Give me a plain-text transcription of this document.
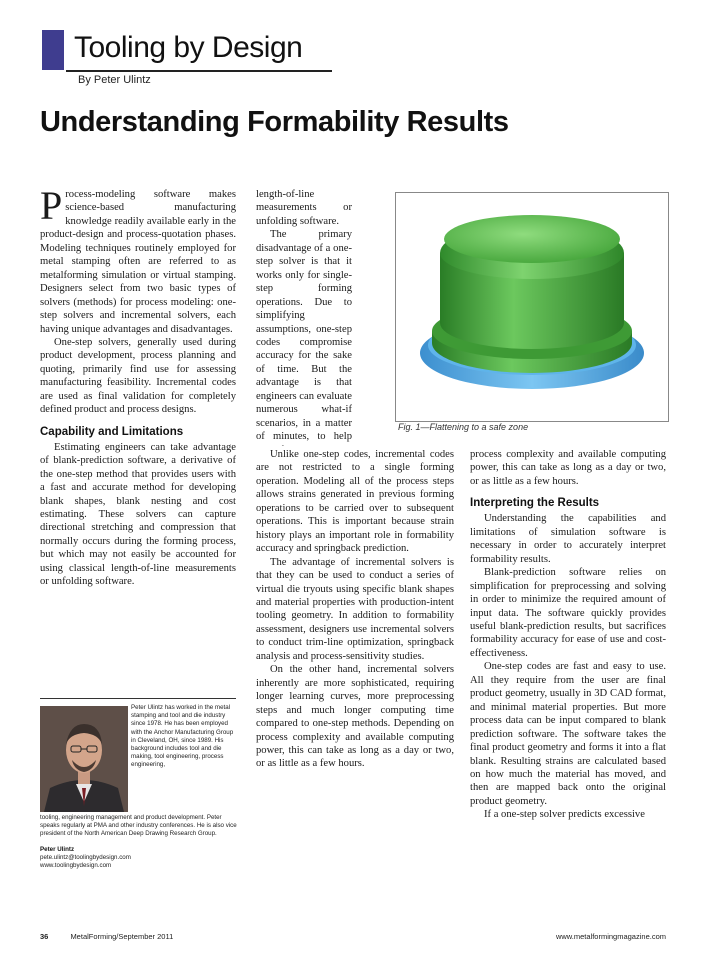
Tooling by Design
By Peter Ulintz
Understanding Formability Results

Process-modeling software makes science-based manufacturing knowledge readily available early in the product-design and process-quotation phases. Modeling techniques routinely employed for metal stamping often are referred to as metalforming simulation or virtual stamping. Designers select from two basic types of solvers (methods) for process modeling: one-step solvers and incremental solvers, each having unique advantages and disadvantages.

One-step solvers, generally used during product development, process planning and quoting, primarily find use for assessing manufacturing feasibility. Incremental codes are used as final validation for completely defined product and process designs.

Capability and Limitations

Estimating engineers can take advantage of blank-prediction software, a derivative of the one-step method that provides users with a fast and accurate method for developing blank shapes, blank nesting and cost estimating. These solvers can capture directional stretching and compression that normally occurs during the forming process, but which may not easily be accounted for using classical length-of-line measurements or unfolding software.

length-of-line measurements or unfolding software.

The primary disadvantage of a one-step solver is that it works only for single-step forming operations. Due to simplifying assumptions, one-step codes compromise accuracy for the sake of time. But the advantage is that engineers can evaluate numerous what-if scenarios, in a matter of minutes, to help

Fig. 1—Flattening to a safe zone

Unlike one-step codes, incremental codes are not restricted to a single forming operation. Modeling all of the process steps allows strains generated in previous forming operations to be carried over to subsequent operations. This is important because strain history plays an important role in formability accuracy and springback prediction.

The advantage of incremental solvers is that they can be used to conduct a series of virtual die tryouts using specific blank shapes and material properties with production-intent tooling geometry. In addition to formability assessment, designers use incremental solvers to conduct trim-line optimization, springback analysis and process-sensitivity studies.

On the other hand, incremental solvers inherently are more sophisticated, requiring longer learning curves, more preprocessing steps and much longer computing time compared to one-step methods. Depending on process complexity and available computing power, this can take as long as a day or two, or as little as a few hours.

process complexity and available computing power, this can take as long as a day or two, or as little as a few hours.

Interpreting the Results

Understanding the capabilities and limitations of simulation software is necessary in order to accurately interpret formability results.

Blank-prediction software relies on simplification for preprocessing and solving in order to minimize the required amount of input data. The software quickly provides useful blank-prediction results, but sacrifices formability accuracy for ease of use and cost-effectiveness.

One-step codes are fast and easy to use. All they require from the user are final product geometry, usually in 3D CAD format, and minimal material properties. But more process data can be input compared to blank prediction software. The software takes the final product geometry and forms it into a flat blank. Resulting strains are calculated based on how much the material has moved, and then are mapped back onto the original product geometry.

If a one-step solver predicts excessive

Peter Ulintz has worked in the metal stamping and tool and die industry since 1978. He has been employed with the Anchor Manufacturing Group in Cleveland, OH, since 1989. His background includes tool and die making, tool engineering, process engineering,
tooling, engineering management and product development. Peter speaks regularly at PMA and other industry conferences. He is also vice president of the North American Deep Drawing Research Group.
Peter Ulintz
pete.ulintz@toolingbydesign.com
www.toolingbydesign.com
36	MetalForming/September 2011	www.metalformingmagazine.com
